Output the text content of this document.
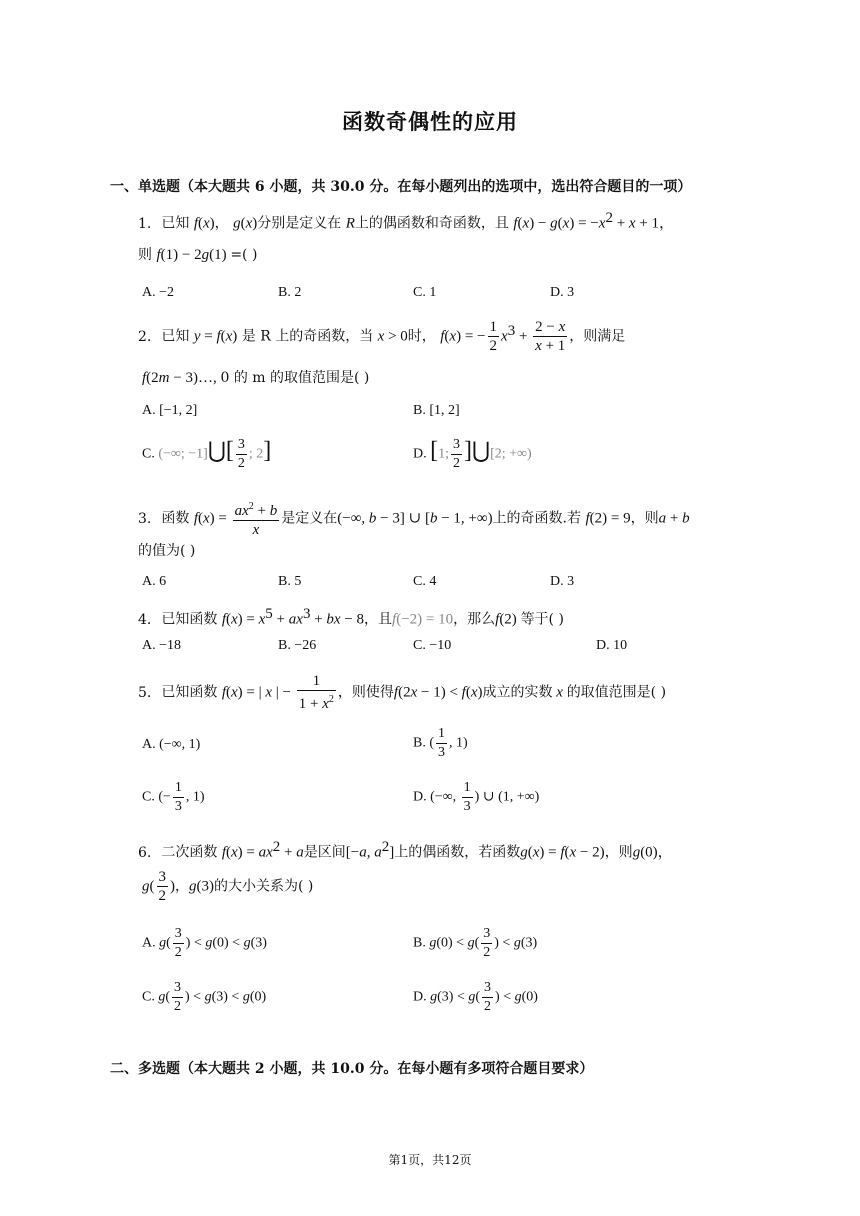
函数奇偶性的应用
一、单选题（本大题共 6 小题，共 30.0 分。在每小题列出的选项中，选出符合题目的一项）
1. 已知 f(x)， g(x)分别是定义在 R上的偶函数和奇函数，且 $f(x) - g(x) = -x^2 + x + 1$，
则 f(1) − 2g(1) =( )
A. −2	B. 2	C. 1	D. 3
2. 已知 y = f(x) 是 R 上的奇函数，当 x > 0时， f(x) = − $\frac{1}{2} x^3 + \frac{2 - x}{x + 1}$ ，则满足
f(2m − 3)…, 0 的 m 的取值范围是( )
A. [−1, 2]	B. [1, 2]
C. (−∞; −1]⋃[ $\frac{3}{2}$ ; 2]	D. [1; $\frac{3}{2}$ ]⋃[2; +∞)
3. 函数 $f(x) = \frac{ax^2 + b}{x}$ 是定义在(−∞, b − 3] ∪ [b − 1, +∞)上的奇函数.若 f(2) = 9，则a + b
的值为( )
A. 6	B. 5	C. 4	D. 3
4. 已知函数 $f(x) = x^5 + ax^3$ + bx − 8，且f(−2) = 10，那么f(2) 等于( )
A. −18	B. −26	C. −10	D. 10
5. 已知函数 f(x) = | x | − $\frac{1}{1 + x^2}$ ，则使得f(2x − 1) < f(x)成立的实数 x 的取值范围是( )
A. (−∞, 1)	B. ( $\frac{1}{3}$ , 1)
C. (− $\frac{1}{3}$ , 1)	D. (−∞, $\frac{1}{3}$ ) ∪ (1, +∞)
6. 二次函数 $f(x) = ax^2 + a$是区间[−a, $a^2$]上的偶函数，若函数g(x) = f(x − 2)，则g(0)，
$g( \frac{3}{2}$ )，g(3)的大小关系为( )
A. $g( \frac{3}{2}$ ) < g(0) < g(3)	B. $g(0) < g( \frac{3}{2}$ ) < g(3)
C. $g( \frac{3}{2}$ ) < g(3) < g(0)	D. $g(3) < g( \frac{3}{2}$ ) < g(0)
二、多选题（本大题共 2 小题，共 10.0 分。在每小题有多项符合题目要求）
第1页，共12页
